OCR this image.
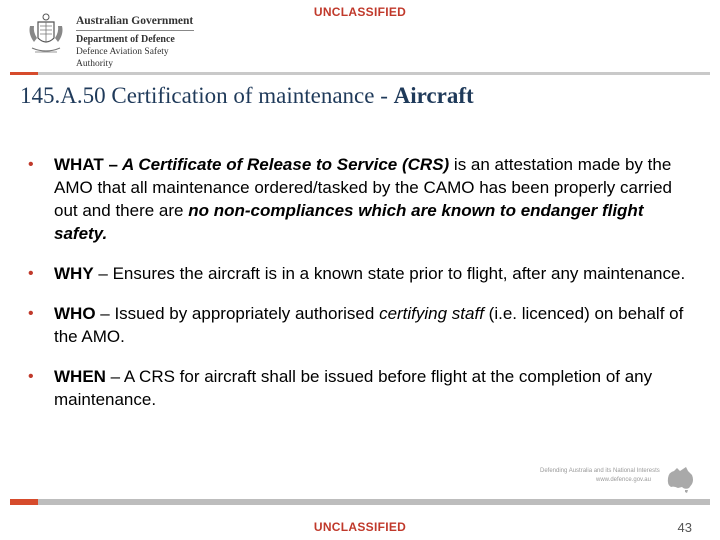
UNCLASSIFIED
Australian Government
Department of Defence
Defence Aviation Safety Authority
145.A.50 Certification of maintenance - Aircraft
• WHAT – A Certificate of Release to Service (CRS) is an attestation made by the AMO that all maintenance ordered/tasked by the CAMO has been properly carried out and there are no non-compliances which are known to endanger flight safety.
• WHY – Ensures the aircraft is in a known state prior to flight, after any maintenance.
• WHO – Issued by appropriately authorised certifying staff (i.e. licenced) on behalf of the AMO.
• WHEN – A CRS for aircraft shall be issued before flight at the completion of any maintenance.
Defending Australia and its National Interests
www.defence.gov.au
UNCLASSIFIED	43
